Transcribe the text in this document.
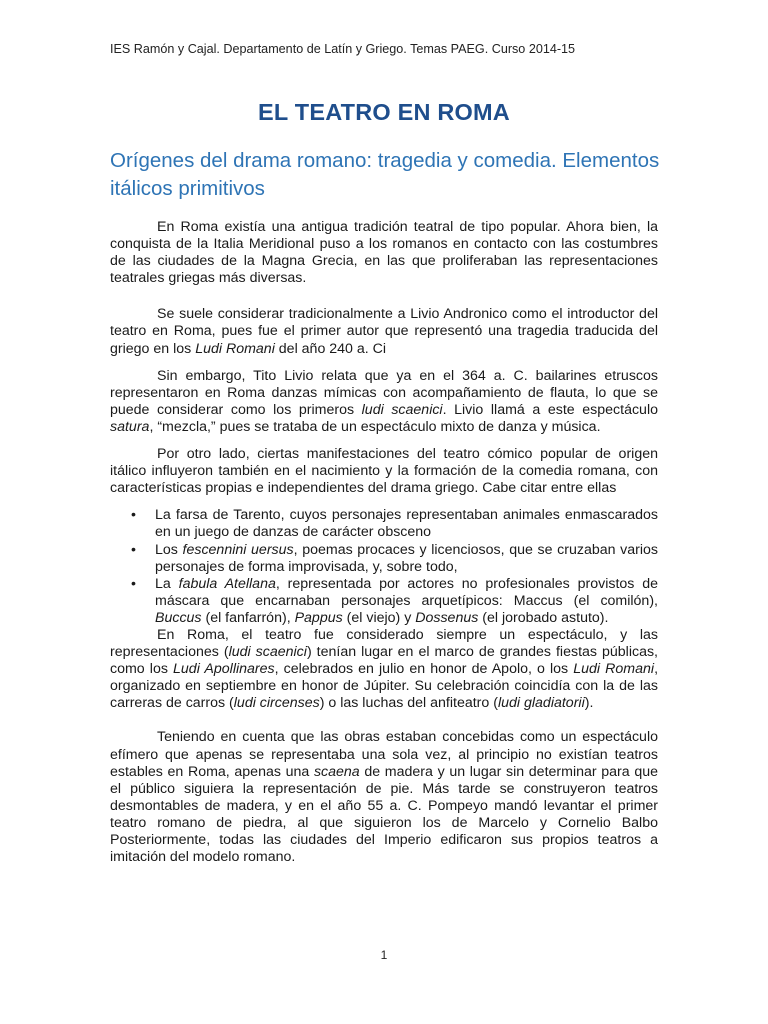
IES Ramón y Cajal. Departamento de Latín y Griego. Temas PAEG. Curso 2014-15
EL TEATRO EN ROMA
Orígenes del drama romano: tragedia y comedia. Elementos itálicos primitivos

En Roma existía una antigua tradición teatral de tipo popular. Ahora bien, la conquista de la Italia Meridional puso a los romanos en contacto con las costumbres de las ciudades de la Magna Grecia, en las que proliferaban las representaciones teatrales griegas más diversas.

Se suele considerar tradicionalmente a Livio Andronico como el introductor del teatro en Roma, pues fue el primer autor que representó una tragedia traducida del griego en los Ludi Romani del año 240 a. Ci

Sin embargo, Tito Livio relata que ya en el 364 a. C. bailarines etruscos representaron en Roma danzas mímicas con acompañamiento de flauta, lo que se puede considerar como los primeros ludi scaenici. Livio llamá a este espectáculo satura, “mezcla,” pues se trataba de un espectáculo mixto de danza y música.

Por otro lado, ciertas manifestaciones del teatro cómico popular de origen itálico influyeron también en el nacimiento y la formación de la comedia romana, con características propias e independientes del drama griego. Cabe citar entre ellas

• La farsa de Tarento, cuyos personajes representaban animales enmascarados en un juego de danzas de carácter obsceno
• Los fescennini uersus, poemas procaces y licenciosos, que se cruzaban varios personajes de forma improvisada, y, sobre todo,
• La fabula Atellana, representada por actores no profesionales provistos de máscara que encarnaban personajes arquetípicos: Maccus (el comilón), Buccus (el fanfarrón), Pappus (el viejo) y Dossenus (el jorobado astuto).

En Roma, el teatro fue considerado siempre un espectáculo, y las representaciones (ludi scaenici) tenían lugar en el marco de grandes fiestas públicas, como los Ludi Apollinares, celebrados en julio en honor de Apolo, o los Ludi Romani, organizado en septiembre en honor de Júpiter. Su celebración coincidía con la de las carreras de carros (ludi circenses) o las luchas del anfiteatro (ludi gladiatorii).

Teniendo en cuenta que las obras estaban concebidas como un espectáculo efímero que apenas se representaba una sola vez, al principio no existían teatros estables en Roma, apenas una scaena de madera y un lugar sin determinar para que el público siguiera la representación de pie. Más tarde se construyeron teatros desmontables de madera, y en el año 55 a. C. Pompeyo mandó levantar el primer teatro romano de piedra, al que siguieron los de Marcelo y Cornelio Balbo Posteriormente, todas las ciudades del Imperio edificaron sus propios teatros a imitación del modelo romano.

1
